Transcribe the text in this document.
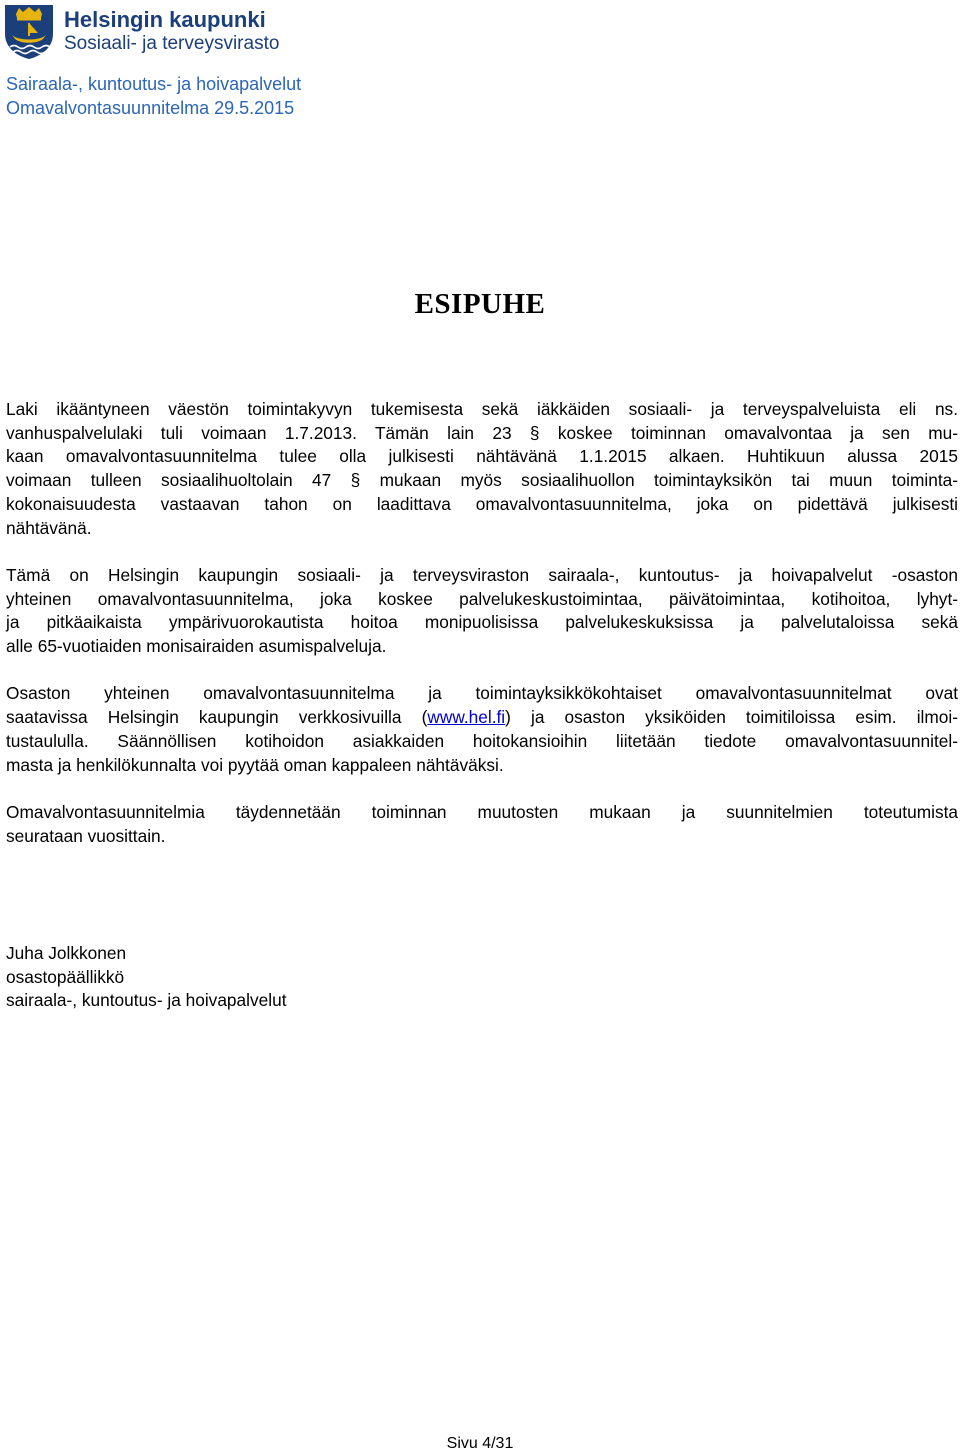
Helsingin kaupunki
Sosiaali- ja terveysvirasto
Sairaala-, kuntoutus- ja hoivapalvelut
Omavalvontasuunnitelma 29.5.2015
ESIPUHE

Laki ikääntyneen väestön toimintakyvyn tukemisesta sekä iäkkäiden sosiaali- ja terveyspalveluista eli ns.
vanhuspalvelulaki tuli voimaan 1.7.2013. Tämän lain 23 § koskee toiminnan omavalvontaa ja sen mu-
kaan omavalvontasuunnitelma tulee olla julkisesti nähtävänä 1.1.2015 alkaen. Huhtikuun alussa 2015
voimaan tulleen sosiaalihuoltolain 47 § mukaan myös sosiaalihuollon toimintayksikön tai muun toiminta-
kokonaisuudesta vastaavan tahon on laadittava omavalvontasuunnitelma, joka on pidettävä julkisesti
nähtävänä.

Tämä on Helsingin kaupungin sosiaali- ja terveysviraston sairaala-, kuntoutus- ja hoivapalvelut -osaston
yhteinen omavalvontasuunnitelma, joka koskee palvelukeskustoimintaa, päivätoimintaa, kotihoitoa, lyhyt-
ja pitkäaikaista ympärivuorokautista hoitoa monipuolisissa palvelukeskuksissa ja palvelutaloissa sekä
alle 65-vuotiaiden monisairaiden asumispalveluja.

Osaston yhteinen omavalvontasuunnitelma ja toimintayksikkökohtaiset omavalvontasuunnitelmat ovat
saatavissa Helsingin kaupungin verkkosivuilla (www.hel.fi) ja osaston yksiköiden toimitiloissa esim. ilmoi-
tustaululla. Säännöllisen kotihoidon asiakkaiden hoitokansioihin liitetään tiedote omavalvontasuunnitel-
masta ja henkilökunnalta voi pyytää oman kappaleen nähtäväksi.

Omavalvontasuunnitelmia täydennetään toiminnan muutosten mukaan ja suunnitelmien toteutumista
seurataan vuosittain.

Juha Jolkkonen
osastopäällikkö
sairaala-, kuntoutus- ja hoivapalvelut
Sivu 4/31
